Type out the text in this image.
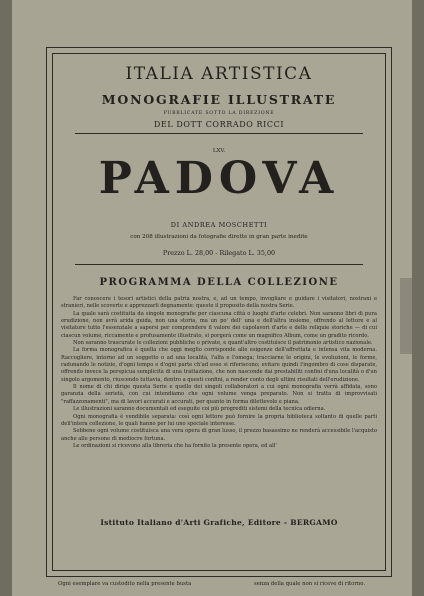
ITALIA ARTISTICA
MONOGRAFIE ILLUSTRATE
PUBBLICATE SOTTO LA DIREZIONE
DEL DOTT CORRADO RICCI
LXV.
PADOVA
DI ANDREA MOSCHETTI
con 208 illustrazioni da fotografie dirette in gran parte inedite
Prezzo L. 28,00 - Rilegato L. 35,00
PROGRAMMA DELLA COLLEZIONE

Far conoscere i tesori artistici della patria nostra, e, ad un tempo, invogliare e guidare i visitatori, nostrani e stranieri, nelle scoverte e apprezzarli degnamente: questo il proposito della nostra Serie.

La quale sarà costituita da singole monografie per ciascuna città o luoghi d'arte celebri. Non saranno libri di pura erudizione, non avrà arida guida, non una storia, ma un po' dell' una e dell'altra insieme, offrendo al lettore e al visitatore tutto l'essenziale a sapersi per comprendere il valore dei capolavori d'arte e delle reliquie storiche — di cui ciascun volume, riccamente e profusamente illustrato, si porgerà come un magnifico Album, come un gradito ricordo.

Non saranno trascurate le collezioni pubbliche o private, e quant'altro costituisce il patrimonio artistico nazionale.

La forma monografica è quella che oggi meglio corrisponde alle esigenze dell'affrettata e intensa vita moderna. Raccogliere, intorno ad un soggetto o ad una località, l'alfa e l'omega; tracciarne le origini, le evoluzioni, le forme, radunando le notizie, d'ogni tempo e d'ogni parte ch'ad esso si riferiscono; evitare quindi l'ingombro di cose disparate, offrendo invece la perspicua semplicità di una trattazione, che non nasconde dai prestabiliti confini d'una località o d'un singolo argomento, riuscendo tuttavia, dentro a questi confini, a render conto degli ultimi risultati dell'erudizione.

Il nome di chi dirige questa Serie e quello dei singoli collaboratori a cui ogni monografia verrà affidata, sono garanzia della serietà, con cui intendiamo che ogni volume venga preparato. Non si tratta di improvvisati "raffazzonamenti", ma di lavori accurati e accurati, per quanto in forma dilettevole e piana.

Le illustrazioni saranno documentali ed eseguite coi più progrediti sistemi della tecnica odierna.

Ogni monografia è vendibile separata: così ogni lettore può fornire la propria biblioteca soltanto di quelle parti dell'intera collezione, le quali hanno per lui uno speciale interesse.

Sebbene ogni volume costituisca una vera opera di gran lusso, il prezzo basassimo ne renderà accessibile l'acquisto anche alle persone di mediocre fortuna.

Le ordinazioni si ricevono alla libreria che ha fornito la presente opera, ed all'

Istituto Italiano d'Arti Grafiche, Editore - BERGAMO
Ogni esemplare va custodito nella presente busta	senza della quale non si riceve di ritorno.
